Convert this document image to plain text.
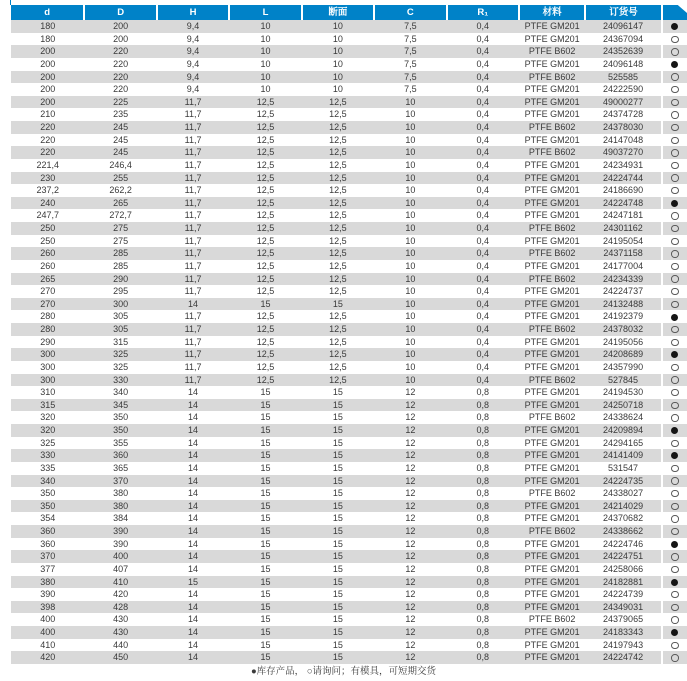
d	D	H	L	断面	C	R₁	材料	订货号	
180	200	9,4	10	10	7,5	0,4	PTFE GM201	24096147	
180	200	9,4	10	10	7,5	0,4	PTFE GM201	24367094	
200	220	9,4	10	10	7,5	0,4	PTFE B602	24352639	
200	220	9,4	10	10	7,5	0,4	PTFE GM201	24096148	
200	220	9,4	10	10	7,5	0,4	PTFE B602	525585	
200	220	9,4	10	10	7,5	0,4	PTFE GM201	24222590	
200	225	11,7	12,5	12,5	10	0,4	PTFE GM201	49000277	
210	235	11,7	12,5	12,5	10	0,4	PTFE GM201	24374728	
220	245	11,7	12,5	12,5	10	0,4	PTFE B602	24378030	
220	245	11,7	12,5	12,5	10	0,4	PTFE GM201	24147048	
220	245	11,7	12,5	12,5	10	0,4	PTFE B602	49037270	
221,4	246,4	11,7	12,5	12,5	10	0,4	PTFE GM201	24234931	
230	255	11,7	12,5	12,5	10	0,4	PTFE GM201	24224744	
237,2	262,2	11,7	12,5	12,5	10	0,4	PTFE GM201	24186690	
240	265	11,7	12,5	12,5	10	0,4	PTFE GM201	24224748	
247,7	272,7	11,7	12,5	12,5	10	0,4	PTFE GM201	24247181	
250	275	11,7	12,5	12,5	10	0,4	PTFE B602	24301162	
250	275	11,7	12,5	12,5	10	0,4	PTFE GM201	24195054	
260	285	11,7	12,5	12,5	10	0,4	PTFE B602	24371158	
260	285	11,7	12,5	12,5	10	0,4	PTFE GM201	24177004	
265	290	11,7	12,5	12,5	10	0,4	PTFE B602	24234339	
270	295	11,7	12,5	12,5	10	0,4	PTFE GM201	24224737	
270	300	14	15	15	10	0,4	PTFE GM201	24132488	
280	305	11,7	12,5	12,5	10	0,4	PTFE GM201	24192379	
280	305	11,7	12,5	12,5	10	0,4	PTFE B602	24378032	
290	315	11,7	12,5	12,5	10	0,4	PTFE GM201	24195056	
300	325	11,7	12,5	12,5	10	0,4	PTFE GM201	24208689	
300	325	11,7	12,5	12,5	10	0,4	PTFE GM201	24357990	
300	330	11,7	12,5	12,5	10	0,4	PTFE B602	527845	
310	340	14	15	15	12	0,8	PTFE GM201	24194530	
315	345	14	15	15	12	0,8	PTFE GM201	24250718	
320	350	14	15	15	12	0,8	PTFE B602	24338624	
320	350	14	15	15	12	0,8	PTFE GM201	24209894	
325	355	14	15	15	12	0,8	PTFE GM201	24294165	
330	360	14	15	15	12	0,8	PTFE GM201	24141409	
335	365	14	15	15	12	0,8	PTFE GM201	531547	
340	370	14	15	15	12	0,8	PTFE GM201	24224735	
350	380	14	15	15	12	0,8	PTFE B602	24338027	
350	380	14	15	15	12	0,8	PTFE GM201	24214029	
354	384	14	15	15	12	0,8	PTFE GM201	24370682	
360	390	14	15	15	12	0,8	PTFE B602	24338662	
360	390	14	15	15	12	0,8	PTFE GM201	24224746	
370	400	14	15	15	12	0,8	PTFE GM201	24224751	
377	407	14	15	15	12	0,8	PTFE GM201	24258066	
380	410	15	15	15	12	0,8	PTFE GM201	24182881	
390	420	14	15	15	12	0,8	PTFE GM201	24224739	
398	428	14	15	15	12	0,8	PTFE GM201	24349031	
400	430	14	15	15	12	0,8	PTFE B602	24379065	
400	430	14	15	15	12	0,8	PTFE GM201	24183343	
410	440	14	15	15	12	0,8	PTFE GM201	24197943	
420	450	14	15	15	12	0,8	PTFE GM201	24224742	
●库存产品， ○请询问；有模具，可短期交货
